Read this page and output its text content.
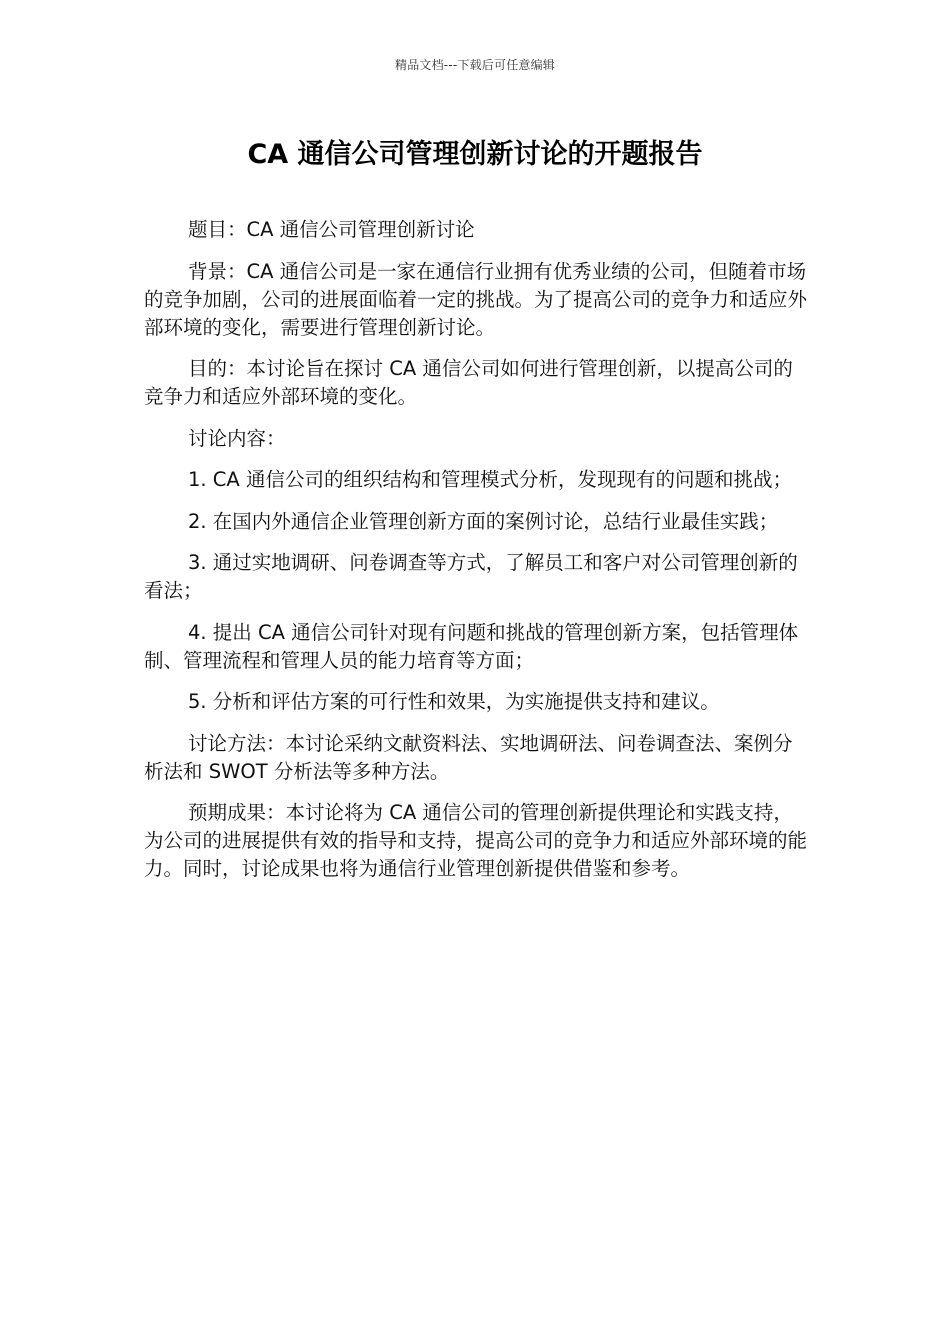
精品文档---下载后可任意编辑
CA 通信公司管理创新讨论的开题报告

题目：CA 通信公司管理创新讨论

背景：CA 通信公司是一家在通信行业拥有优秀业绩的公司，但随着市场的竞争加剧，公司的进展面临着一定的挑战。为了提高公司的竞争力和适应外部环境的变化，需要进行管理创新讨论。

目的：本讨论旨在探讨 CA 通信公司如何进行管理创新，以提高公司的竞争力和适应外部环境的变化。

讨论内容：

1. CA 通信公司的组织结构和管理模式分析，发现现有的问题和挑战；

2. 在国内外通信企业管理创新方面的案例讨论，总结行业最佳实践；

3. 通过实地调研、问卷调查等方式，了解员工和客户对公司管理创新的看法；

4. 提出 CA 通信公司针对现有问题和挑战的管理创新方案，包括管理体制、管理流程和管理人员的能力培育等方面；

5. 分析和评估方案的可行性和效果，为实施提供支持和建议。

讨论方法：本讨论采纳文献资料法、实地调研法、问卷调查法、案例分析法和 SWOT 分析法等多种方法。

预期成果：本讨论将为 CA 通信公司的管理创新提供理论和实践支持，为公司的进展提供有效的指导和支持，提高公司的竞争力和适应外部环境的能力。同时，讨论成果也将为通信行业管理创新提供借鉴和参考。
